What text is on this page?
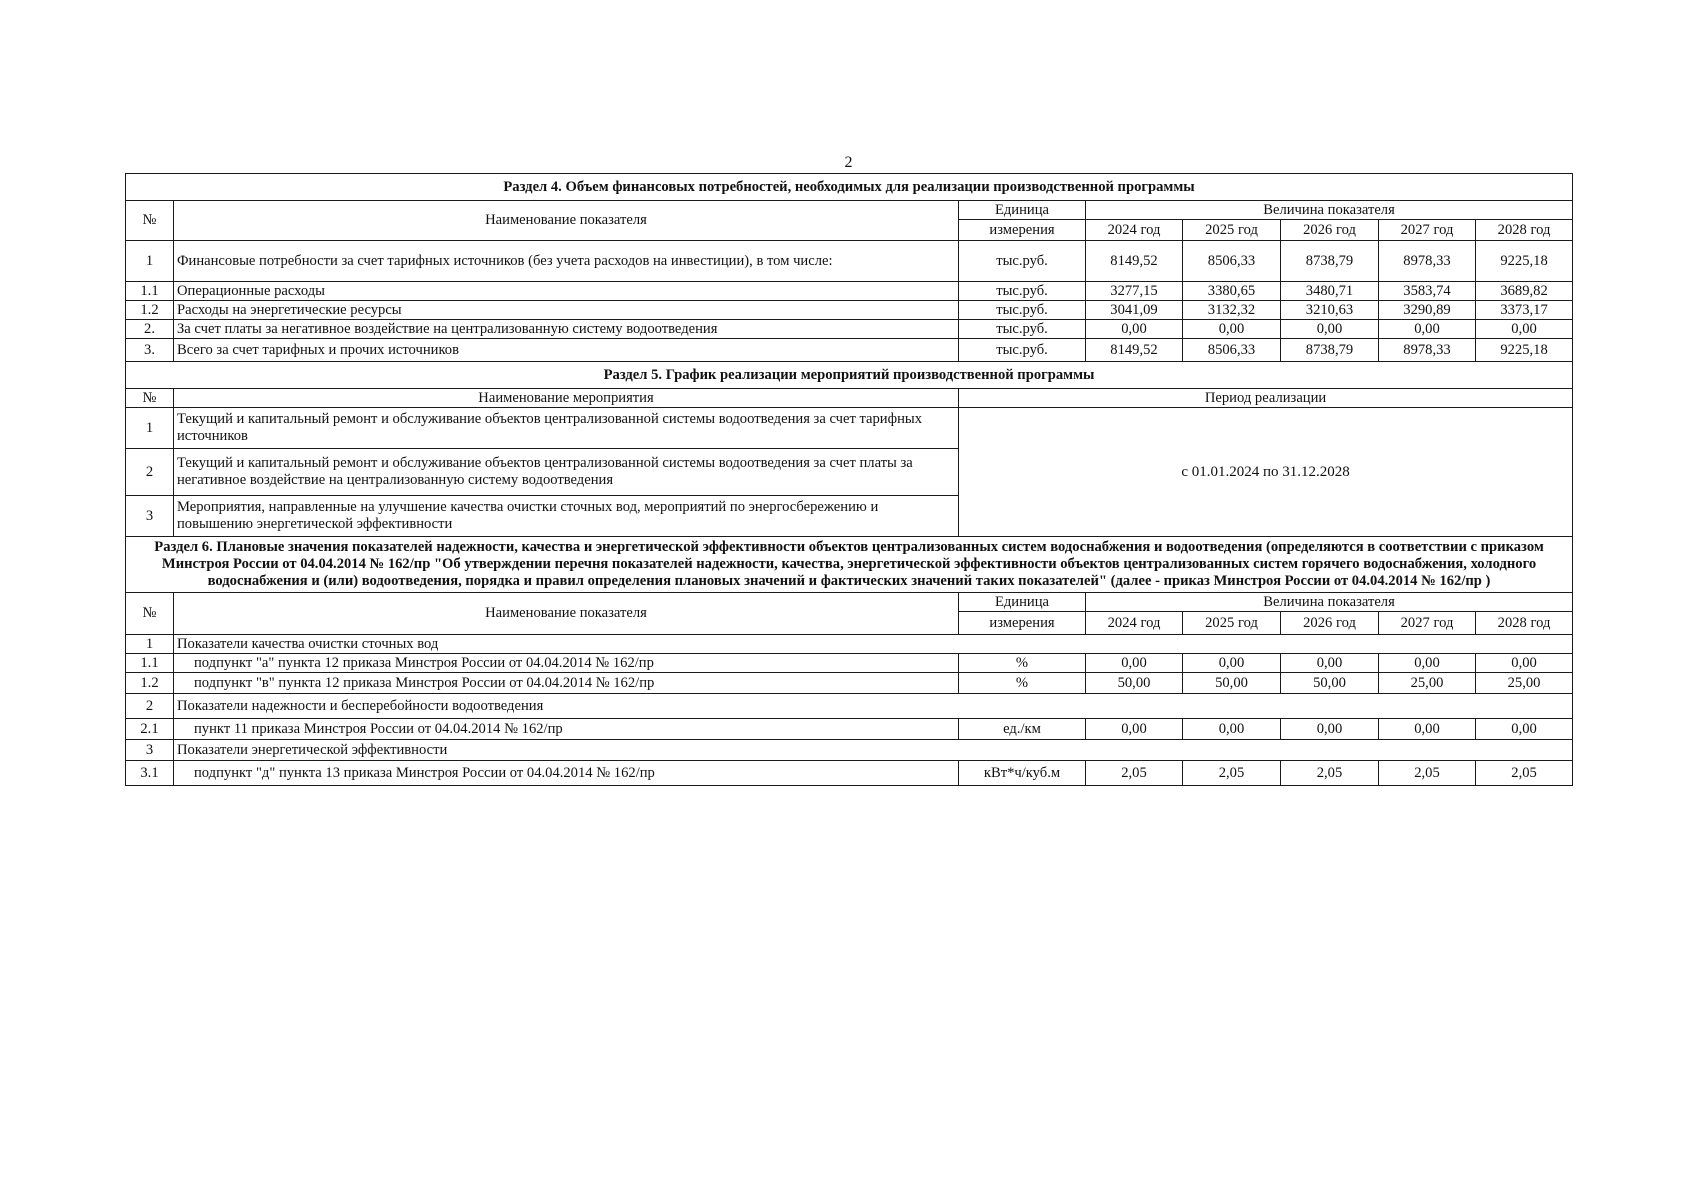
2
Раздел 4. Объем финансовых потребностей, необходимых для реализации производственной программы							
№	Наименование показателя	Единица	Величина показателя				
		измерения	2024 год	2025 год	2026 год	2027 год	2028 год
1	Финансовые потребности за счет тарифных источников (без учета расходов на инвестиции), в том числе:	тыс.руб.	8149,52	8506,33	8738,79	8978,33	9225,18
1.1	Операционные расходы	тыс.руб.	3277,15	3380,65	3480,71	3583,74	3689,82
1.2	Расходы на энергетические ресурсы	тыс.руб.	3041,09	3132,32	3210,63	3290,89	3373,17
2.	За счет платы за негативное воздействие на централизованную систему водоотведения	тыс.руб.	0,00	0,00	0,00	0,00	0,00
3.	Всего за счет тарифных и прочих источников	тыс.руб.	8149,52	8506,33	8738,79	8978,33	9225,18
Раздел 5. График реализации мероприятий производственной программы							
№	Наименование мероприятия	Период реализации					
1	Текущий и капитальный ремонт и обслуживание объектов централизованной системы водоотведения за счет тарифных источников	с 01.01.2024 по 31.12.2028					
2	Текущий и капитальный ремонт и обслуживание объектов централизованной системы водоотведения за счет платы за негативное воздействие на централизованную систему водоотведения						
3	Мероприятия, направленные на улучшение качества очистки сточных вод, мероприятий по энергосбережению и повышению энергетической эффективности						
Раздел 6. Плановые значения показателей надежности, качества и энергетической эффективности объектов централизованных систем водоснабжения и водоотведения (определяются в соответствии с приказом Минстроя России от 04.04.2014 № 162/пр "Об утверждении перечня показателей надежности, качества, энергетической эффективности объектов централизованных систем горячего водоснабжения, холодного водоснабжения и (или) водоотведения, порядка и правил определения плановых значений и фактических значений таких показателей" (далее - приказ Минстроя России от 04.04.2014 № 162/пр )							
№	Наименование показателя	Единица	Величина показателя				
		измерения	2024 год	2025 год	2026 год	2027 год	2028 год
1	Показатели качества очистки сточных вод						
1.1	подпункт "а" пункта 12 приказа Минстроя России от 04.04.2014 № 162/пр	%	0,00	0,00	0,00	0,00	0,00
1.2	подпункт "в" пункта 12 приказа Минстроя России от 04.04.2014 № 162/пр	%	50,00	50,00	50,00	25,00	25,00
2	Показатели надежности и бесперебойности водоотведения						
2.1	пункт 11 приказа Минстроя России от 04.04.2014 № 162/пр	ед./км	0,00	0,00	0,00	0,00	0,00
3	Показатели энергетической эффективности						
3.1	подпункт "д" пункта 13 приказа Минстроя России от 04.04.2014 № 162/пр	кВт*ч/куб.м	2,05	2,05	2,05	2,05	2,05
